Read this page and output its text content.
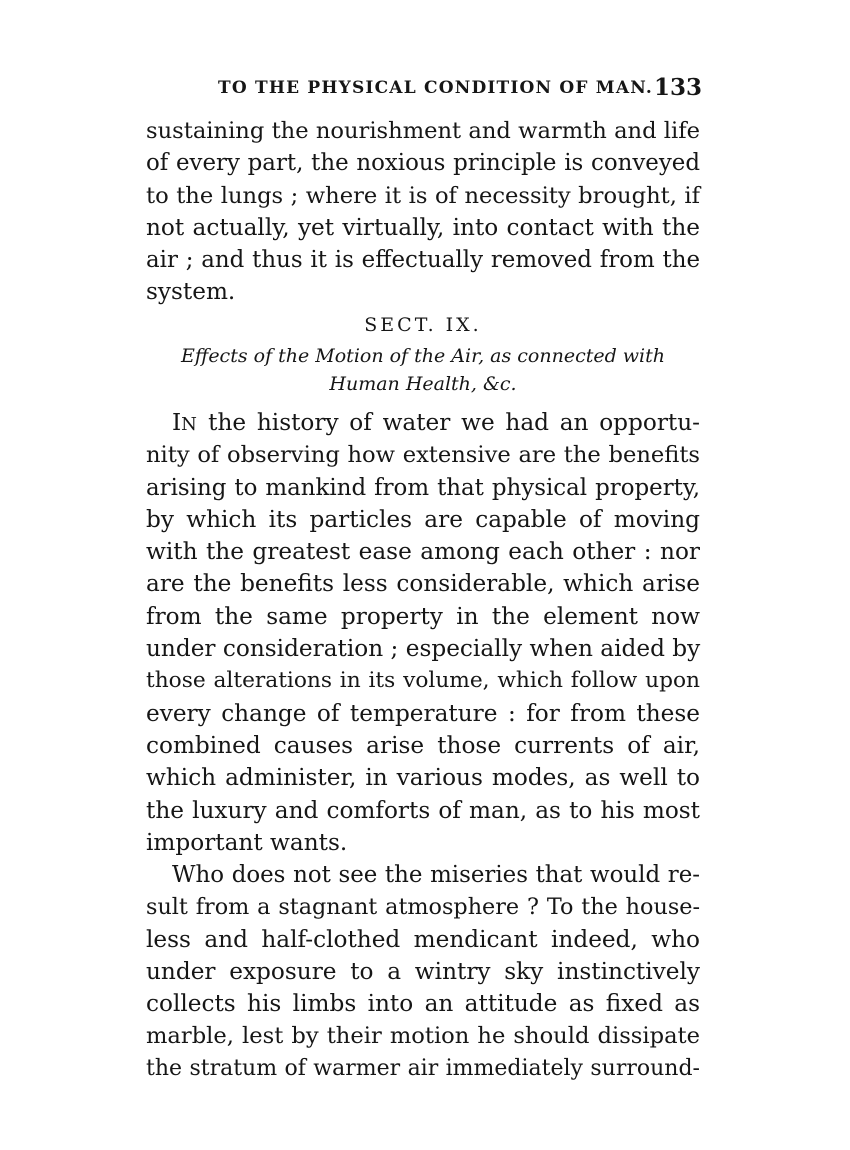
TO THE PHYSICAL CONDITION OF MAN. 133
sustaining the nourishment and warmth and life
of every part, the noxious principle is conveyed
to the lungs ; where it is of necessity brought, if
not actually, yet virtually, into contact with the
air ; and thus it is effectually removed from the
system.
SECT. IX.
Effects of the Motion of the Air, as connected with
Human Health, &c.
IN the history of water we had an opportu-
nity of observing how extensive are the benefits
arising to mankind from that physical property,
by which its particles are capable of moving
with the greatest ease among each other : nor
are the benefits less considerable, which arise
from the same property in the element now
under consideration ; especially when aided by
those alterations in its volume, which follow upon
every change of temperature : for from these
combined causes arise those currents of air,
which administer, in various modes, as well to
the luxury and comforts of man, as to his most
important wants.
Who does not see the miseries that would re-
sult from a stagnant atmosphere ? To the house-
less and half-clothed mendicant indeed, who
under exposure to a wintry sky instinctively
collects his limbs into an attitude as fixed as
marble, lest by their motion he should dissipate
the stratum of warmer air immediately surround-
